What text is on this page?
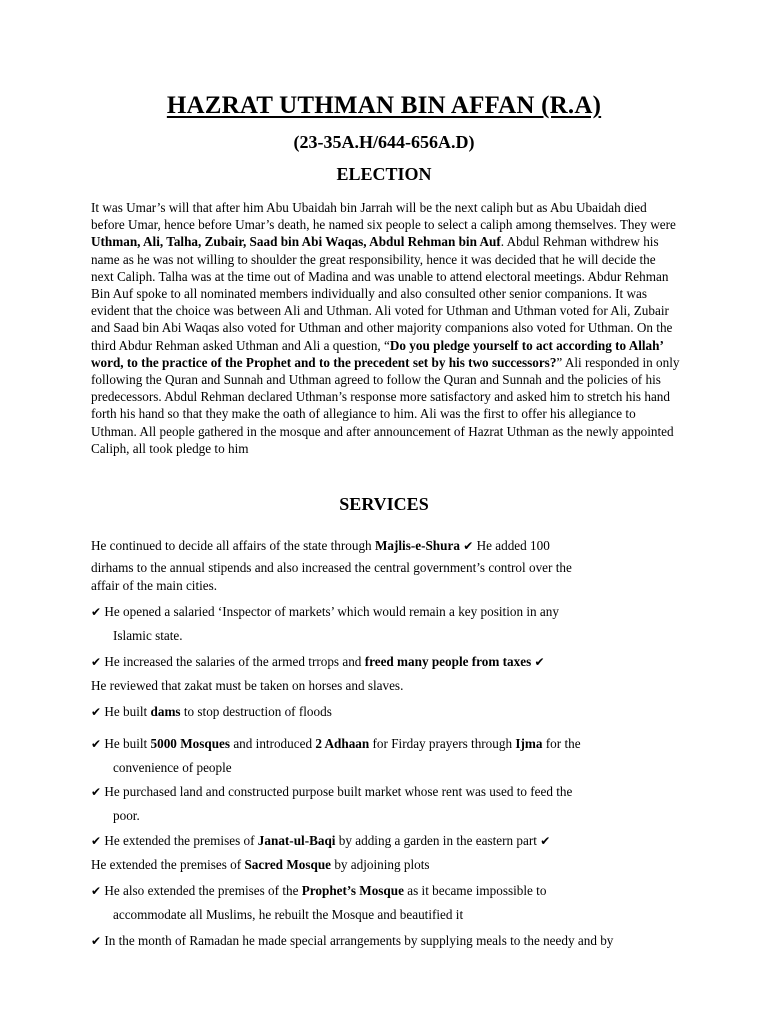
HAZRAT UTHMAN BIN AFFAN (R.A)
(23-35A.H/644-656A.D)
ELECTION
It was Umar’s will that after him Abu Ubaidah bin Jarrah will be the next caliph but as Abu Ubaidah died before Umar, hence before Umar’s death, he named six people to select a caliph among themselves. They were Uthman, Ali, Talha, Zubair, Saad bin Abi Waqas, Abdul Rehman bin Auf. Abdul Rehman withdrew his name as he was not willing to shoulder the great responsibility, hence it was decided that he will decide the next Caliph. Talha was at the time out of Madina and was unable to attend electoral meetings. Abdur Rehman Bin Auf spoke to all nominated members individually and also consulted other senior companions. It was evident that the choice was between Ali and Uthman. Ali voted for Uthman and Uthman voted for Ali, Zubair and Saad bin Abi Waqas also voted for Uthman and other majority companions also voted for Uthman. On the third Abdur Rehman asked Uthman and Ali a question, “Do you pledge yourself to act according to Allah’ word, to the practice of the Prophet and to the precedent set by his two successors?” Ali responded in only following the Quran and Sunnah and Uthman agreed to follow the Quran and Sunnah and the policies of his predecessors. Abdul Rehman declared Uthman’s response more satisfactory and asked him to stretch his hand forth his hand so that they make the oath of allegiance to him. Ali was the first to offer his allegiance to Uthman. All people gathered in the mosque and after announcement of Hazrat Uthman as the newly appointed Caliph, all took pledge to him
SERVICES
He continued to decide all affairs of the state through Majlis-e-Shura ✔ He added 100
dirhams to the annual stipends and also increased the central government’s control over the
affair of the main cities.
✔ He opened a salaried ‘Inspector of markets’ which would remain a key position in any
Islamic state.
✔ He increased the salaries of the armed trrops and freed many people from taxes ✔
He reviewed that zakat must be taken on horses and slaves.
✔ He built dams to stop destruction of floods
✔ He built 5000 Mosques and introduced 2 Adhaan for Firday prayers through Ijma for the
convenience of people
✔ He purchased land and constructed purpose built market whose rent was used to feed the
poor.
✔ He extended the premises of Janat-ul-Baqi by adding a garden in the eastern part ✔
He extended the premises of Sacred Mosque by adjoining plots
✔ He also extended the premises of the Prophet’s Mosque as it became impossible to
accommodate all Muslims, he rebuilt the Mosque and beautified it
✔ In the month of Ramadan he made special arrangements by supplying meals to the needy and by
